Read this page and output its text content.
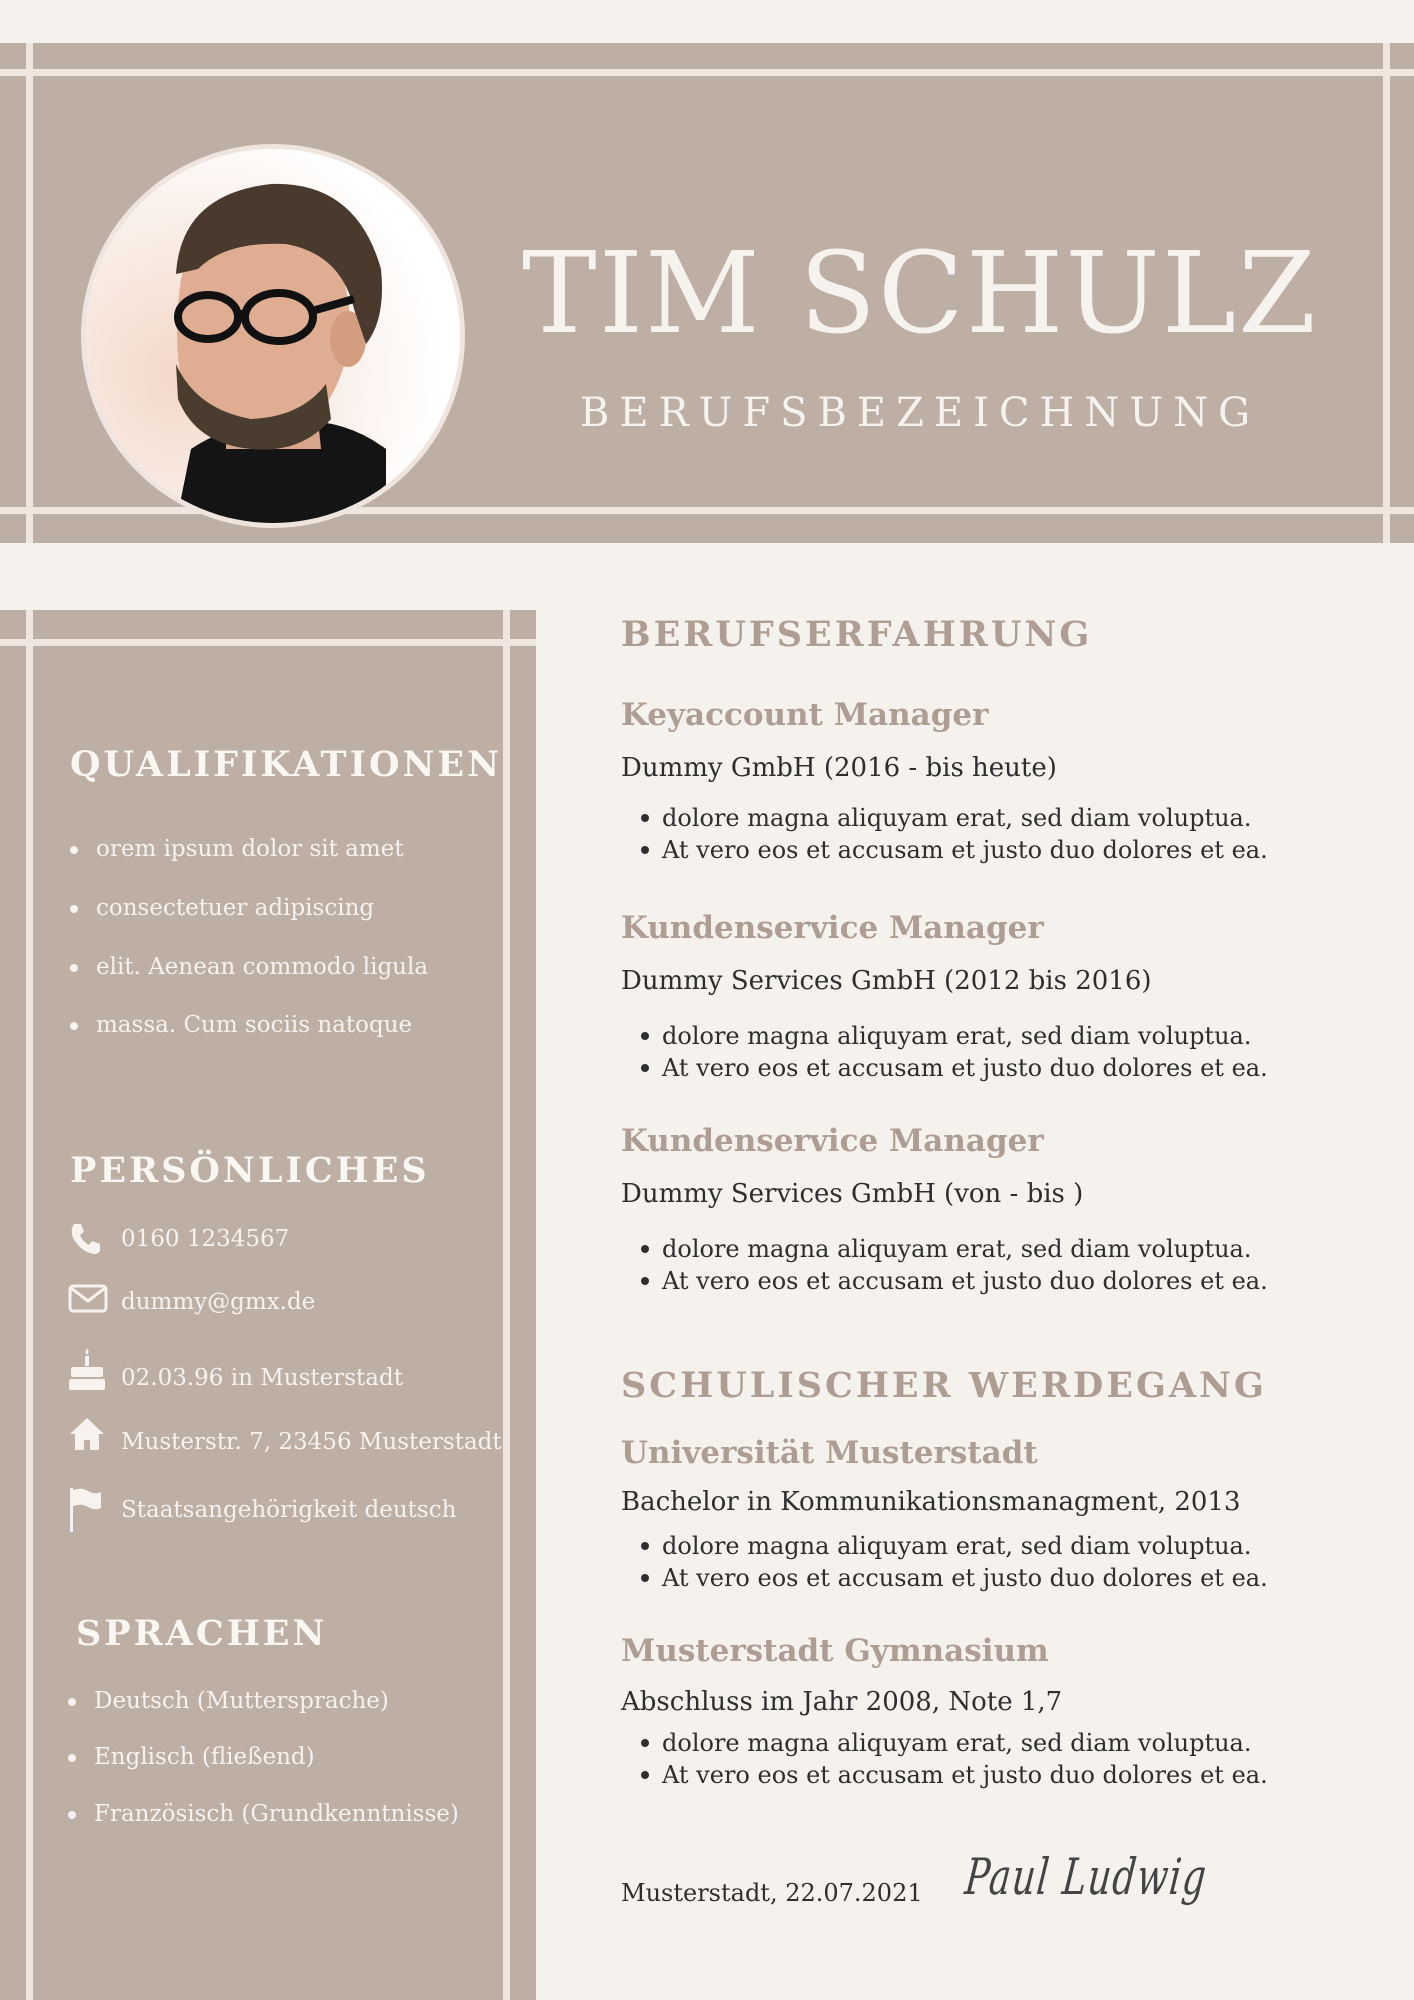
TIM SCHULZ
BERUFSBEZEICHNUNG
QUALIFIKATIONEN
orem ipsum dolor sit amet
consectetuer adipiscing
elit. Aenean commodo ligula
massa. Cum sociis natoque
PERSÖNLICHES
0160 1234567
dummy@gmx.de
02.03.96 in Musterstadt
Musterstr. 7, 23456 Musterstadt
Staatsangehörigkeit deutsch
SPRACHEN
Deutsch (Muttersprache)
Englisch (fließend)
Französisch (Grundkenntnisse)
BERUFSERFAHRUNG
Keyaccount Manager
Dummy GmbH (2016 - bis heute)
dolore magna aliquyam erat, sed diam voluptua.
At vero eos et accusam et justo duo dolores et ea.
Kundenservice Manager
Dummy Services GmbH (2012 bis 2016)
dolore magna aliquyam erat, sed diam voluptua.
At vero eos et accusam et justo duo dolores et ea.
Kundenservice Manager
Dummy Services GmbH (von - bis )
dolore magna aliquyam erat, sed diam voluptua.
At vero eos et accusam et justo duo dolores et ea.
SCHULISCHER WERDEGANG
Universität Musterstadt
Bachelor in Kommunikationsmanagment, 2013
dolore magna aliquyam erat, sed diam voluptua.
At vero eos et accusam et justo duo dolores et ea.
Musterstadt Gymnasium
Abschluss im Jahr 2008, Note 1,7
dolore magna aliquyam erat, sed diam voluptua.
At vero eos et accusam et justo duo dolores et ea.
Musterstadt, 22.07.2021 Paul Ludwig
